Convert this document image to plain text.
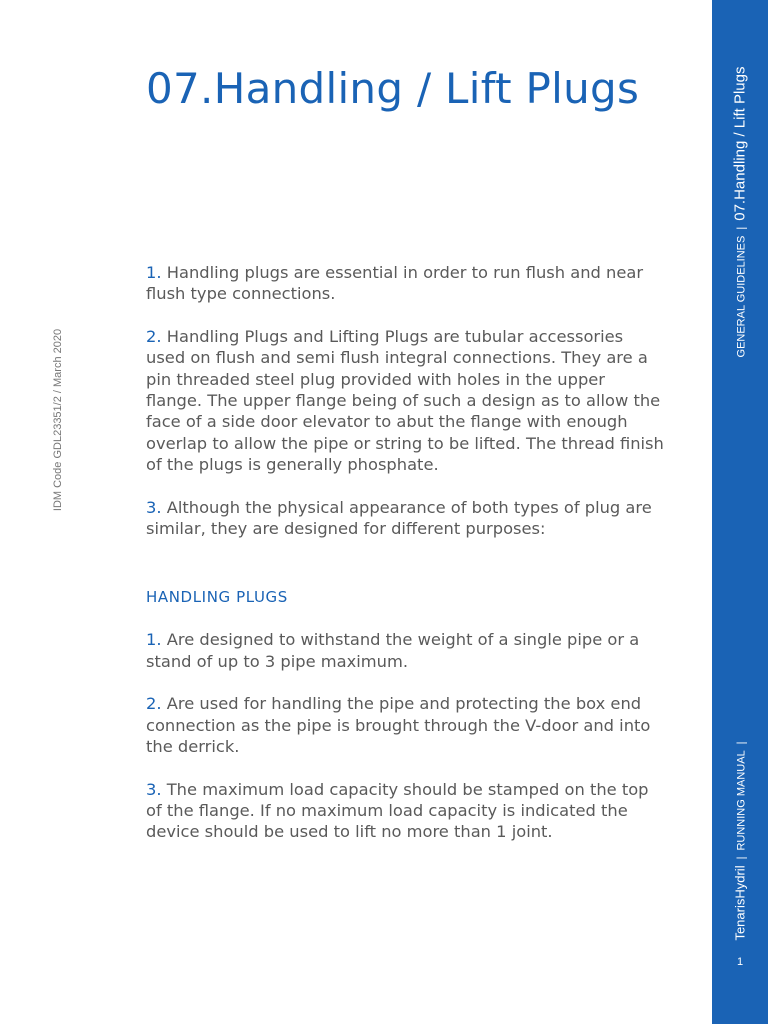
07.Handling / Lift Plugs

1. Handling plugs are essential in order to run flush and near flush type connections.

2. Handling Plugs and Lifting Plugs are tubular accessories used on flush and semi flush integral connections. They are a pin threaded steel plug provided with holes in the upper flange. The upper flange being of such a design as to allow the face of a side door elevator to abut the flange with enough overlap to allow the pipe or string to be lifted. The thread finish of the plugs is generally phosphate.

3. Although the physical appearance of both types of plug are similar, they are designed for different purposes:

HANDLING PLUGS

1. Are designed to withstand the weight of a single pipe or a stand of up to 3 pipe maximum.

2. Are used for handling the pipe and protecting the box end connection as the pipe is brought through the V-door and into the derrick.

3. The maximum load capacity should be stamped on the top of the flange. If no maximum load capacity is indicated the device should be used to lift no more than 1 joint.

IDM Code GDL23351/2 / March 2020
GENERAL GUIDELINES|07.Handling / Lift Plugs
TenarisHydril|RUNNING MANUAL|
1
